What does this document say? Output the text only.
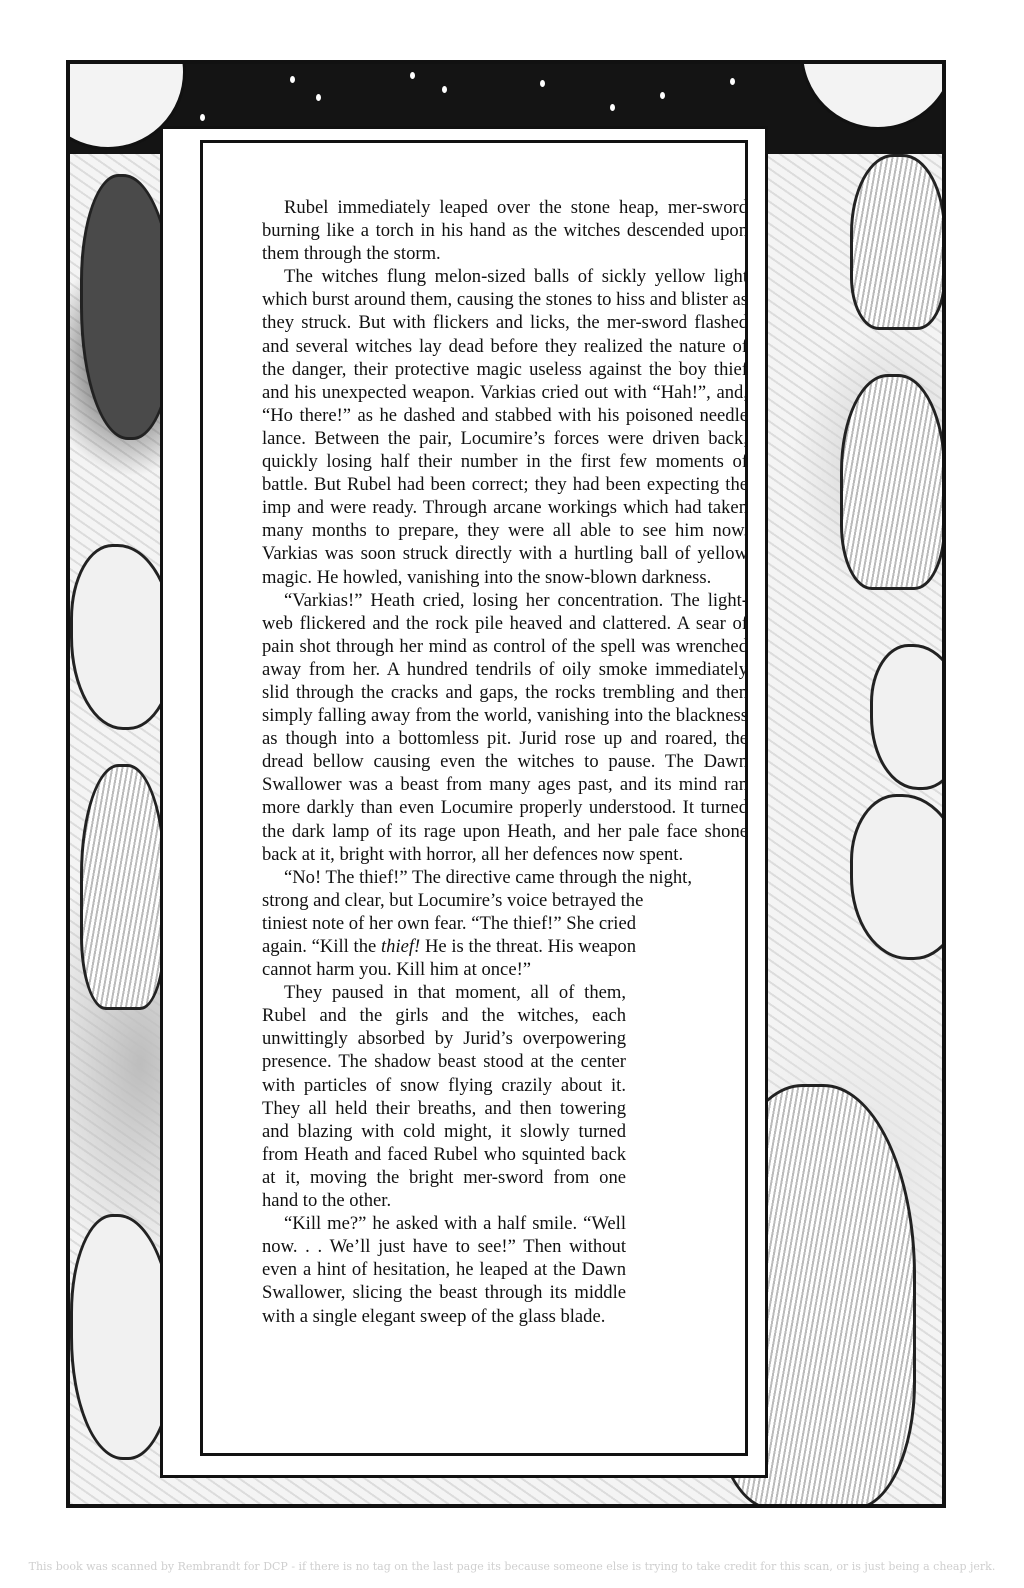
Rubel immediately leaped over the stone heap, mer-sword burning like a torch in his hand as the witches descended upon them through the storm.

The witches flung melon-sized balls of sickly yellow light which burst around them, causing the stones to hiss and blister as they struck. But with flickers and licks, the mer-sword flashed and several witches lay dead before they realized the nature of the danger, their protective magic useless against the boy thief and his unexpected weapon. Varkias cried out with “Hah!”, and, “Ho there!” as he dashed and stabbed with his poisoned needle lance. Between the pair, Locumire’s forces were driven back, quickly losing half their number in the first few moments of battle. But Rubel had been correct; they had been expecting the imp and were ready. Through arcane workings which had taken many months to prepare, they were all able to see him now. Varkias was soon struck directly with a hurtling ball of yellow magic. He howled, vanishing into the snow-blown darkness.

“Varkias!” Heath cried, losing her concentration. The light-web flickered and the rock pile heaved and clattered. A sear of pain shot through her mind as control of the spell was wrenched away from her. A hundred tendrils of oily smoke immediately slid through the cracks and gaps, the rocks trembling and then simply falling away from the world, vanishing into the blackness as though into a bottomless pit. Jurid rose up and roared, the dread bellow causing even the witches to pause. The Dawn Swallower was a beast from many ages past, and its mind ran more darkly than even Locumire properly understood. It turned the dark lamp of its rage upon Heath, and her pale face shone back at it, bright with horror, all her defences now spent.

“No! The thief!” The directive came through the night, strong and clear, but Locumire’s voice betrayed the

tiniest note of her own fear. “The thief!” She cried again. “Kill the thief! He is the threat. His weapon cannot harm you. Kill him at once!”

They paused in that moment, all of them, Rubel and the girls and the witches, each unwittingly absorbed by Jurid’s overpowering presence. The shadow beast stood at the center with particles of snow flying crazily about it. They all held their breaths, and then towering and blazing with cold might, it slowly turned from Heath and faced Rubel who squinted back at it, moving the bright mer-sword from one hand to the other.

“Kill me?” he asked with a half smile. “Well now. . . We’ll just have to see!” Then without even a hint of hesitation, he leaped at the Dawn Swallower, slicing the beast through its middle with a single elegant sweep of the glass blade.

This book was scanned by Rembrandt for DCP - if there is no tag on the last page its because someone else is trying to take credit for this scan, or is just being a cheap jerk.
